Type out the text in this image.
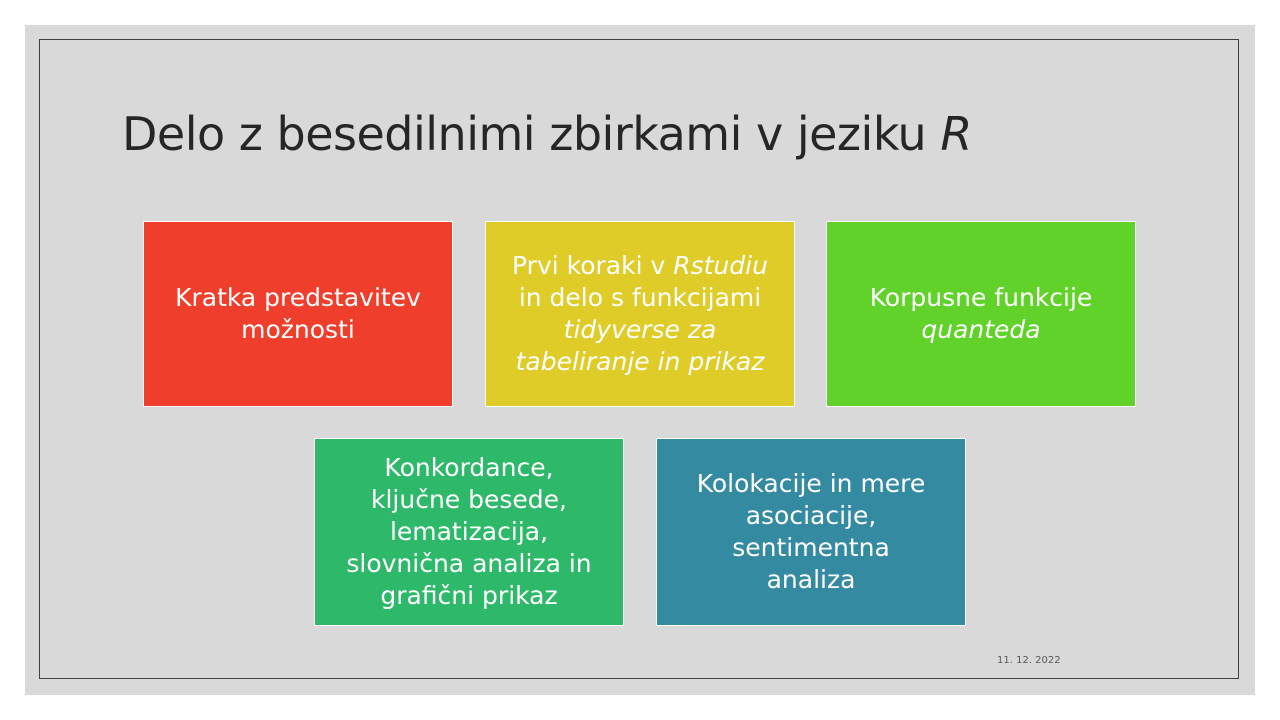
Delo z besedilnimi zbirkami v jeziku R
Kratka predstavitev
možnosti
Prvi koraki v Rstudiu
in delo s funkcijami
tidyverse za
tabeliranje in prikaz
Korpusne funkcije
quanteda
Konkordance,
ključne besede,
lematizacija,
slovnična analiza in
grafični prikaz
Kolokacije in mere
asociacije,
sentimentna
analiza
11. 12. 2022
